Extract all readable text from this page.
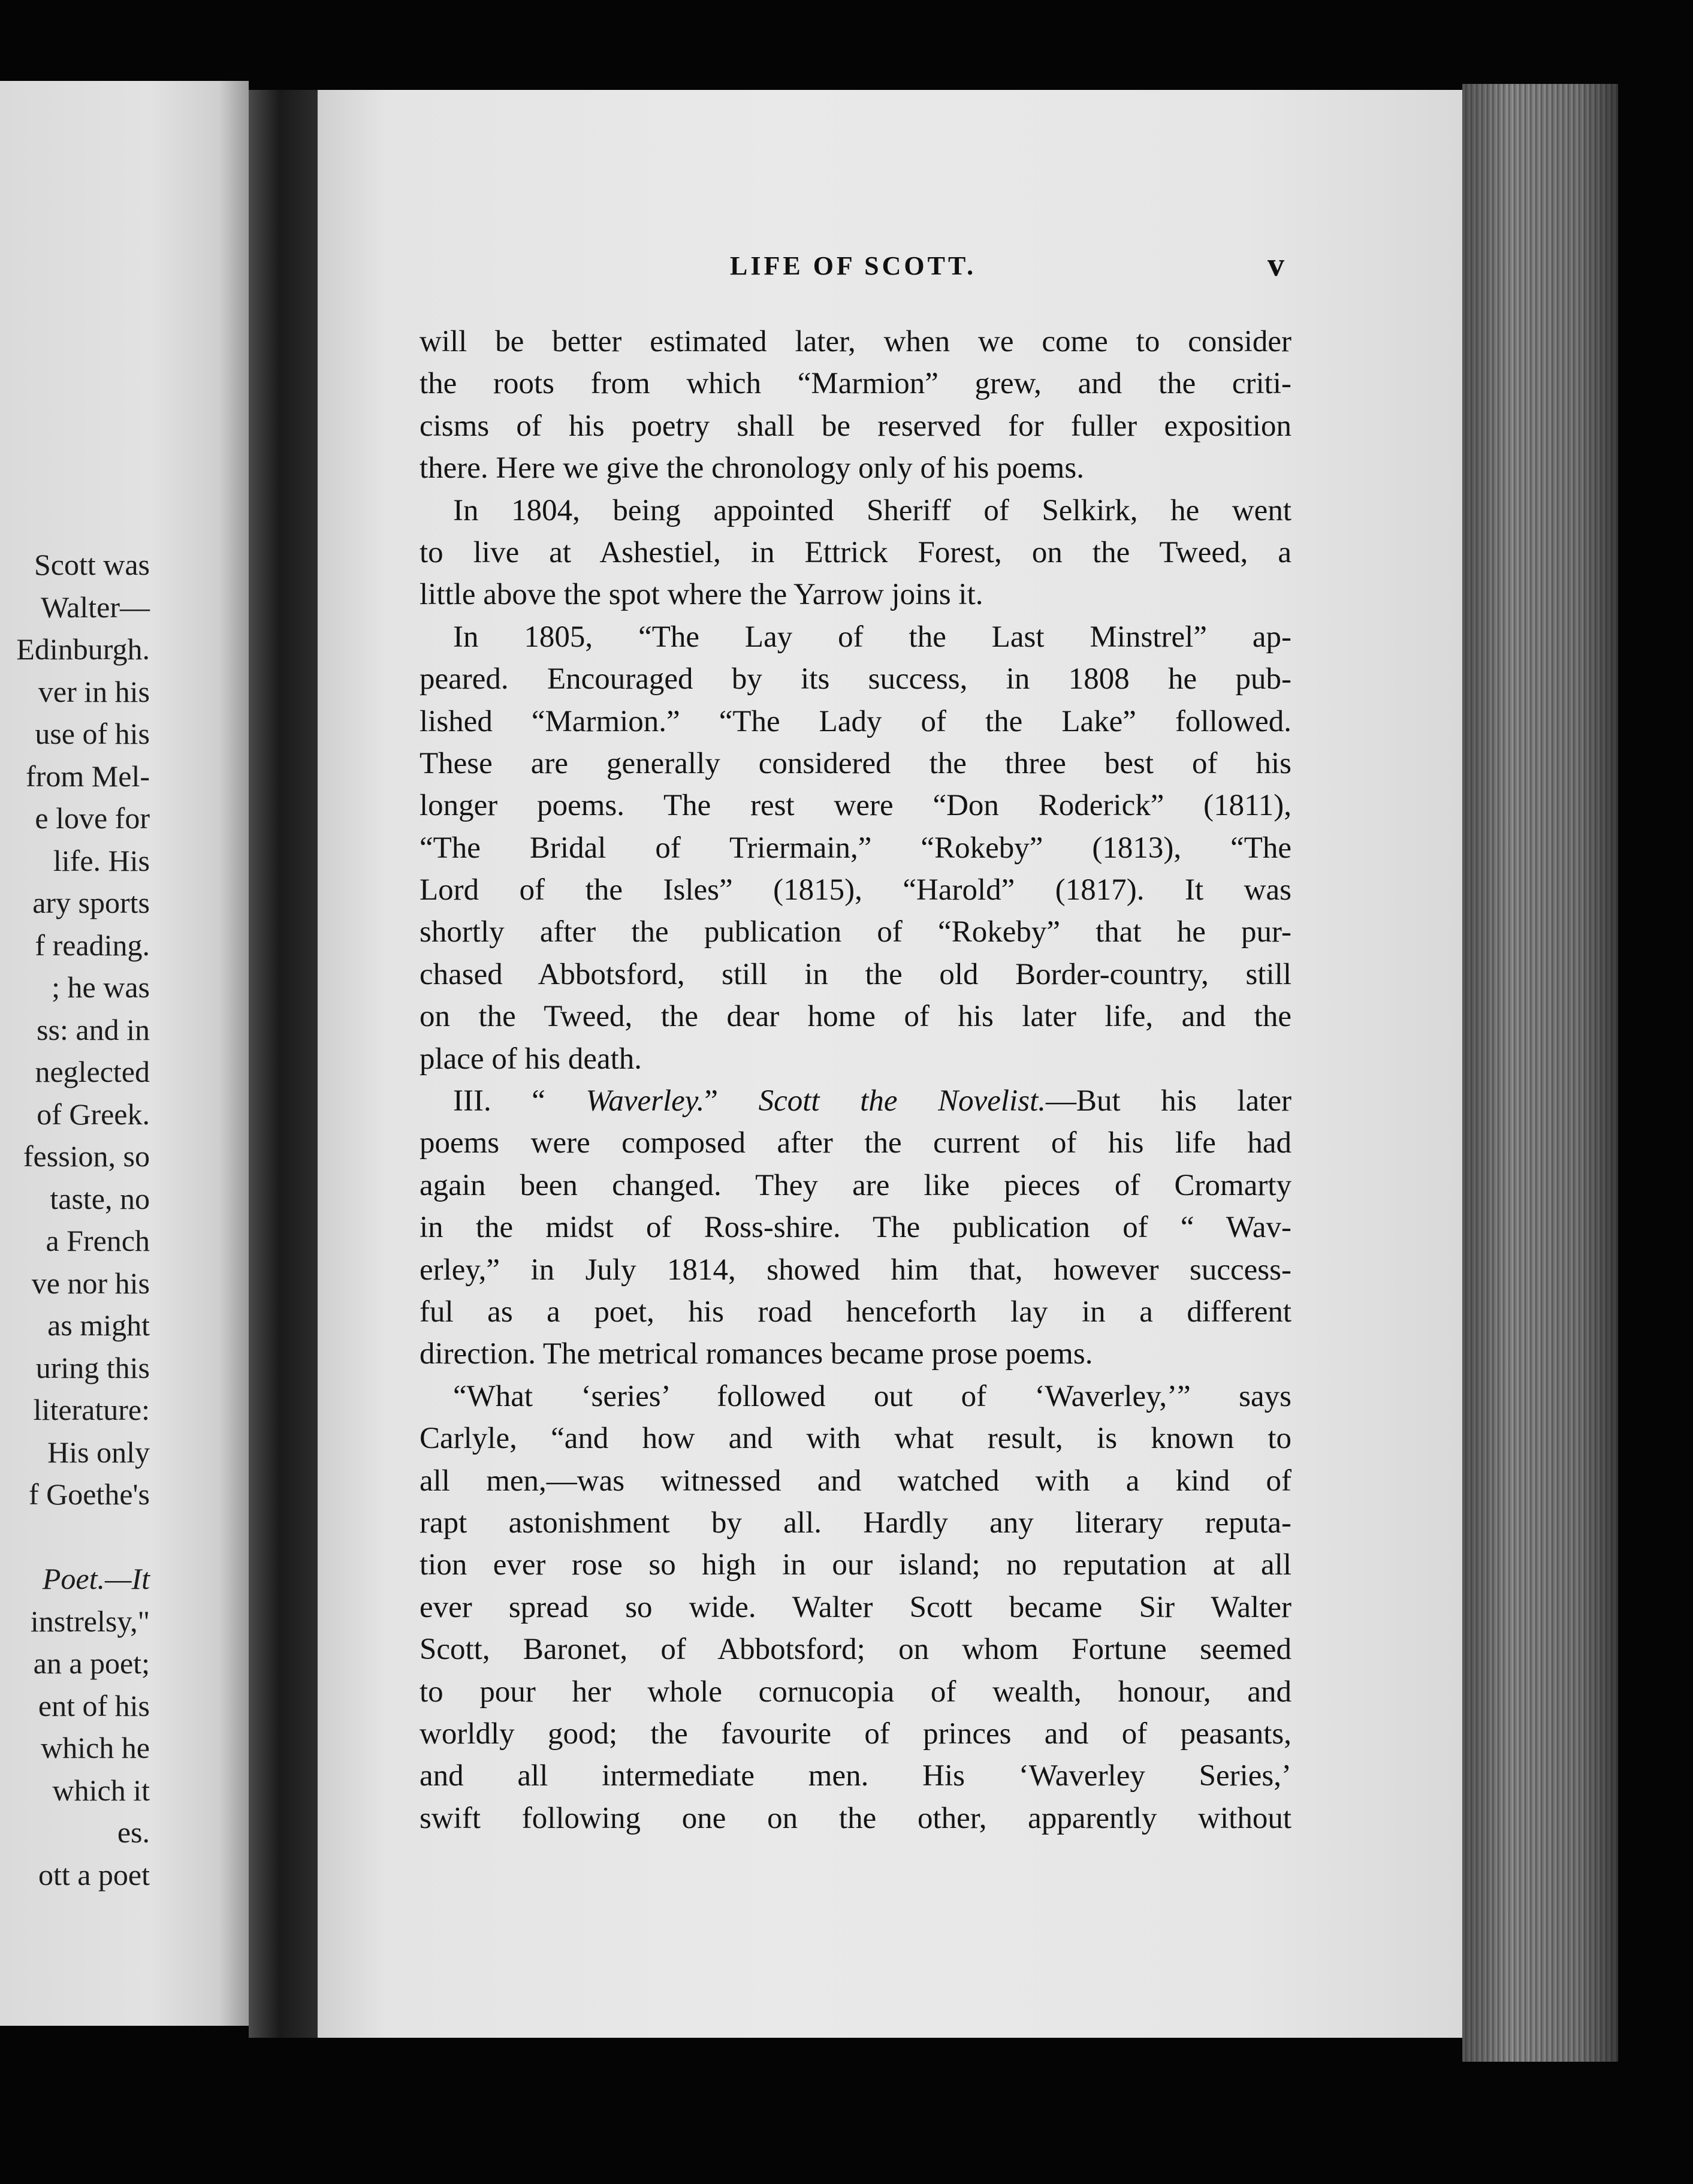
Scott was
Walter—
Edinburgh.
ver in his
use of his
from Mel-
e love for
life. His
ary sports
f reading.
; he was
ss: and in
neglected
of Greek.
fession, so
taste, no
a French
ve nor his
as might
uring this
literature:
His only
f Goethe's
Poet.—It
instrelsy,"
an a poet;
ent of his
which he
which it
es.
ott a poet
LIFE OF SCOTT.	v
will be better estimated later, when we come to consider
the roots from which “Marmion” grew, and the criti-
cisms of his poetry shall be reserved for fuller exposition
there. Here we give the chronology only of his poems.
In 1804, being appointed Sheriff of Selkirk, he went
to live at Ashestiel, in Ettrick Forest, on the Tweed, a
little above the spot where the Yarrow joins it.
In 1805, “The Lay of the Last Minstrel” ap-
peared. Encouraged by its success, in 1808 he pub-
lished “Marmion.” “The Lady of the Lake” followed.
These are generally considered the three best of his
longer poems. The rest were “Don Roderick” (1811),
“The Bridal of Triermain,” “Rokeby” (1813), “The
Lord of the Isles” (1815), “Harold” (1817). It was
shortly after the publication of “Rokeby” that he pur-
chased Abbotsford, still in the old Border-country, still
on the Tweed, the dear home of his later life, and the
place of his death.
III. “ Waverley.” Scott the Novelist.—But his later
poems were composed after the current of his life had
again been changed. They are like pieces of Cromarty
in the midst of Ross-shire. The publication of “ Wav-
erley,” in July 1814, showed him that, however success-
ful as a poet, his road henceforth lay in a different
direction. The metrical romances became prose poems.
“What ‘series’ followed out of ‘Waverley,’” says
Carlyle, “and how and with what result, is known to
all men,—was witnessed and watched with a kind of
rapt astonishment by all. Hardly any literary reputa-
tion ever rose so high in our island; no reputation at all
ever spread so wide. Walter Scott became Sir Walter
Scott, Baronet, of Abbotsford; on whom Fortune seemed
to pour her whole cornucopia of wealth, honour, and
worldly good; the favourite of princes and of peasants,
and all intermediate men. His ‘Waverley Series,’
swift following one on the other, apparently without
